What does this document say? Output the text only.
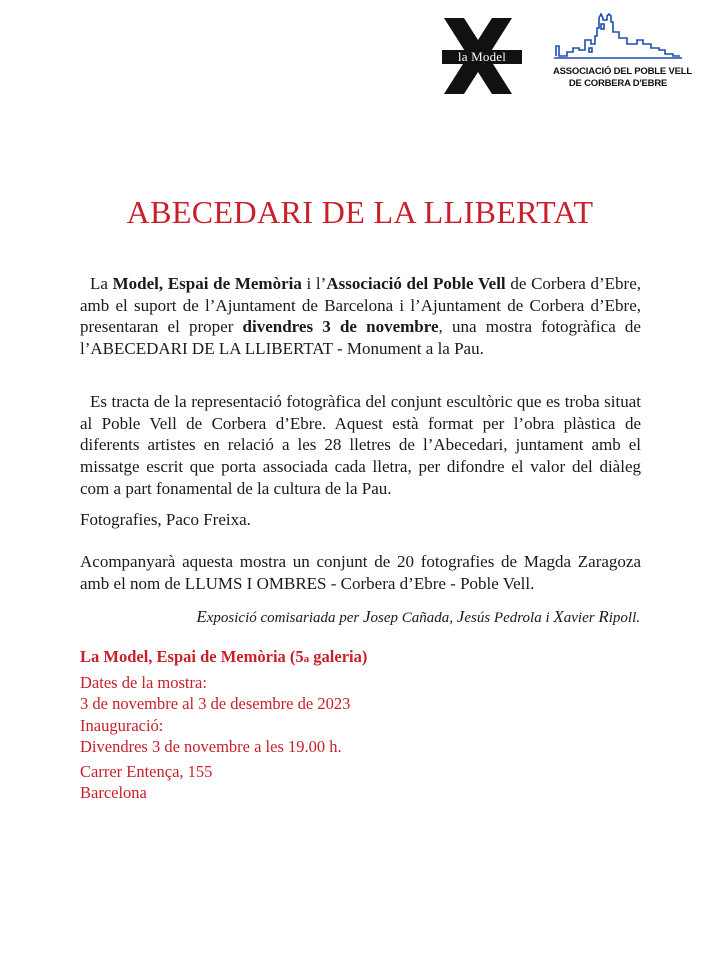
la Model
ASSOCIACIÓ DEL POBLE VELL
DE CORBERA D'EBRE
ABECEDARI DE LA LLIBERTAT
La Model, Espai de Memòria i l’Associació del Poble Vell de Corbera d’Ebre, amb el suport de l’Ajuntament de Barcelona i l’Ajuntament de Corbera d’Ebre, presentaran el proper divendres 3 de novembre, una mostra fotogràfica de l’ABECEDARI DE LA LLIBERTAT - Monument a la Pau.
Es tracta de la representació fotogràfica del conjunt escultòric que es troba situat al Poble Vell de Corbera d’Ebre. Aquest està format per l’obra plàstica de diferents artistes en relació a les 28 lletres de l’Abecedari, juntament amb el missatge escrit que porta associada cada lletra, per difondre el valor del diàleg com a part fonamental de la cultura de la Pau.
Fotografies, Paco Freixa.
Acompanyarà aquesta mostra un conjunt de 20 fotografies de Magda Zaragoza amb el nom de LLUMS I OMBRES - Corbera d’Ebre - Poble Vell.
Exposició comisariada per Josep Cañada, Jesús Pedrola i Xavier Ripoll.
La Model, Espai de Memòria (5a galeria)
Dates de la mostra:
3 de novembre al 3 de desembre de 2023
Inauguració:
Divendres 3 de novembre a les 19.00 h.
Carrer Entença, 155
Barcelona
